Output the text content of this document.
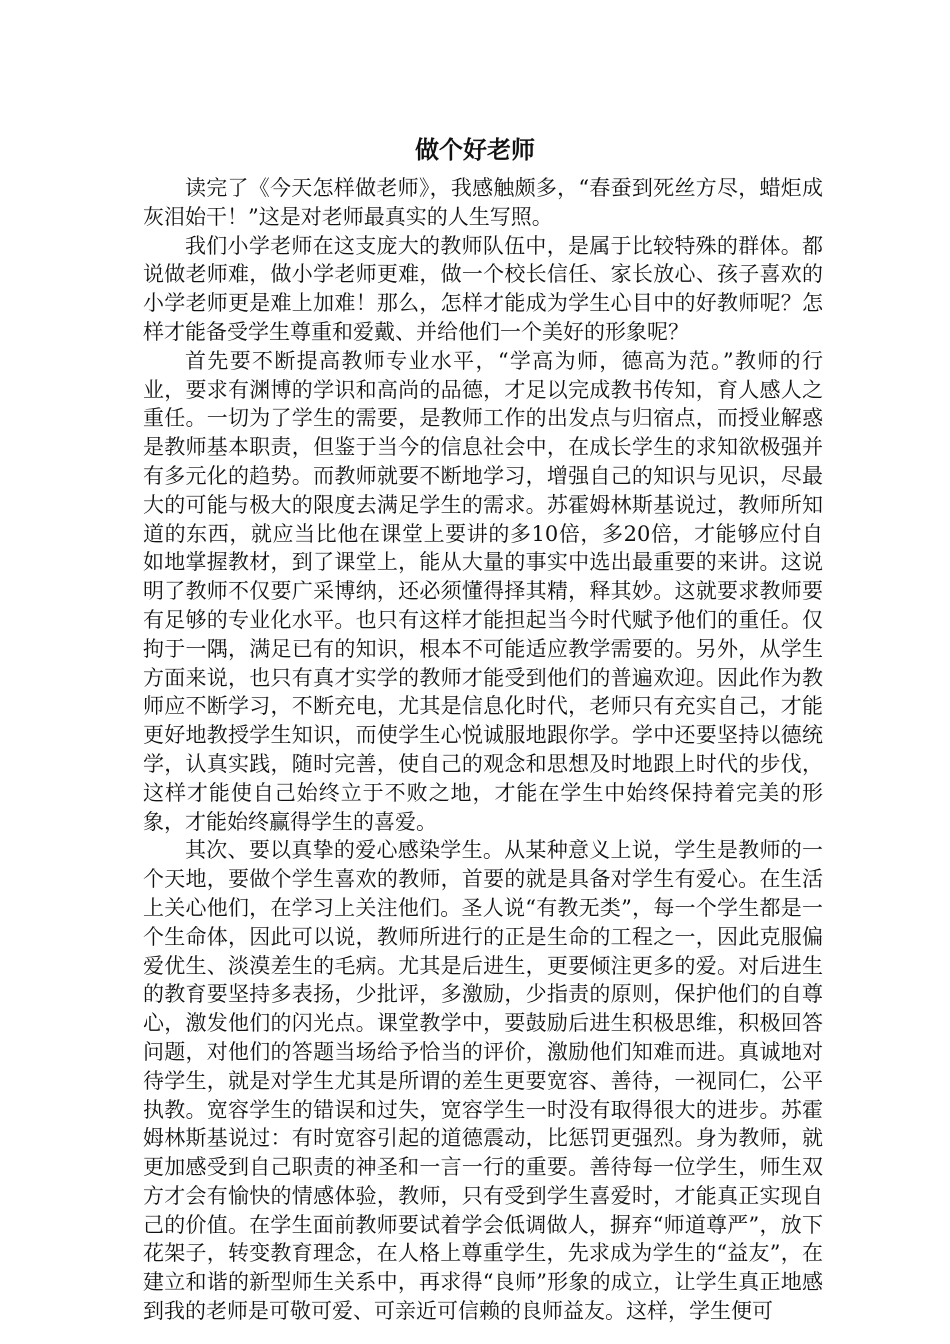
做个好老师

读完了《今天怎样做老师》，我感触颇多，“春蚕到死丝方尽，蜡炬成灰泪始干！”这是对老师最真实的人生写照。

我们小学老师在这支庞大的教师队伍中，是属于比较特殊的群体。都说做老师难，做小学老师更难，做一个校长信任、家长放心、孩子喜欢的小学老师更是难上加难！那么，怎样才能成为学生心目中的好教师呢？怎样才能备受学生尊重和爱戴、并给他们一个美好的形象呢？

首先要不断提高教师专业水平，“学高为师，德高为范。”教师的行业，要求有渊博的学识和高尚的品德，才足以完成教书传知，育人感人之重任。一切为了学生的需要，是教师工作的出发点与归宿点，而授业解惑是教师基本职责，但鉴于当今的信息社会中，在成长学生的求知欲极强并有多元化的趋势。而教师就要不断地学习，增强自己的知识与见识，尽最大的可能与极大的限度去满足学生的需求。苏霍姆林斯基说过，教师所知道的东西，就应当比他在课堂上要讲的多10倍，多20倍，才能够应付自如地掌握教材，到了课堂上，能从大量的事实中选出最重要的来讲。这说明了教师不仅要广采博纳，还必须懂得择其精，释其妙。这就要求教师要有足够的专业化水平。也只有这样才能担起当今时代赋予他们的重任。仅拘于一隅，满足已有的知识，根本不可能适应教学需要的。另外，从学生方面来说，也只有真才实学的教师才能受到他们的普遍欢迎。因此作为教师应不断学习，不断充电，尤其是信息化时代，老师只有充实自己，才能更好地教授学生知识，而使学生心悦诚服地跟你学。学中还要坚持以德统学，认真实践，随时完善，使自己的观念和思想及时地跟上时代的步伐，这样才能使自己始终立于不败之地，才能在学生中始终保持着完美的形象，才能始终赢得学生的喜爱。

其次、要以真挚的爱心感染学生。从某种意义上说，学生是教师的一个天地，要做个学生喜欢的教师，首要的就是具备对学生有爱心。在生活上关心他们，在学习上关注他们。圣人说“有教无类”，每一个学生都是一个生命体，因此可以说，教师所进行的正是生命的工程之一，因此克服偏爱优生、淡漠差生的毛病。尤其是后进生，更要倾注更多的爱。对后进生的教育要坚持多表扬，少批评，多激励，少指责的原则，保护他们的自尊心，激发他们的闪光点。课堂教学中，要鼓励后进生积极思维，积极回答问题，对他们的答题当场给予恰当的评价，激励他们知难而进。真诚地对待学生，就是对学生尤其是所谓的差生更要宽容、善待，一视同仁，公平执教。宽容学生的错误和过失，宽容学生一时没有取得很大的进步。苏霍姆林斯基说过：有时宽容引起的道德震动，比惩罚更强烈。身为教师，就更加感受到自己职责的神圣和一言一行的重要。善待每一位学生，师生双方才会有愉快的情感体验，教师，只有受到学生喜爱时，才能真正实现自己的价值。在学生面前教师要试着学会低调做人，摒弃“师道尊严”，放下花架子，转变教育理念，在人格上尊重学生，先求成为学生的“益友”，在建立和谐的新型师生关系中，再求得“良师”形象的成立，让学生真正地感到我的老师是可敬可爱、可亲近可信赖的良师益友。这样，学生便可
